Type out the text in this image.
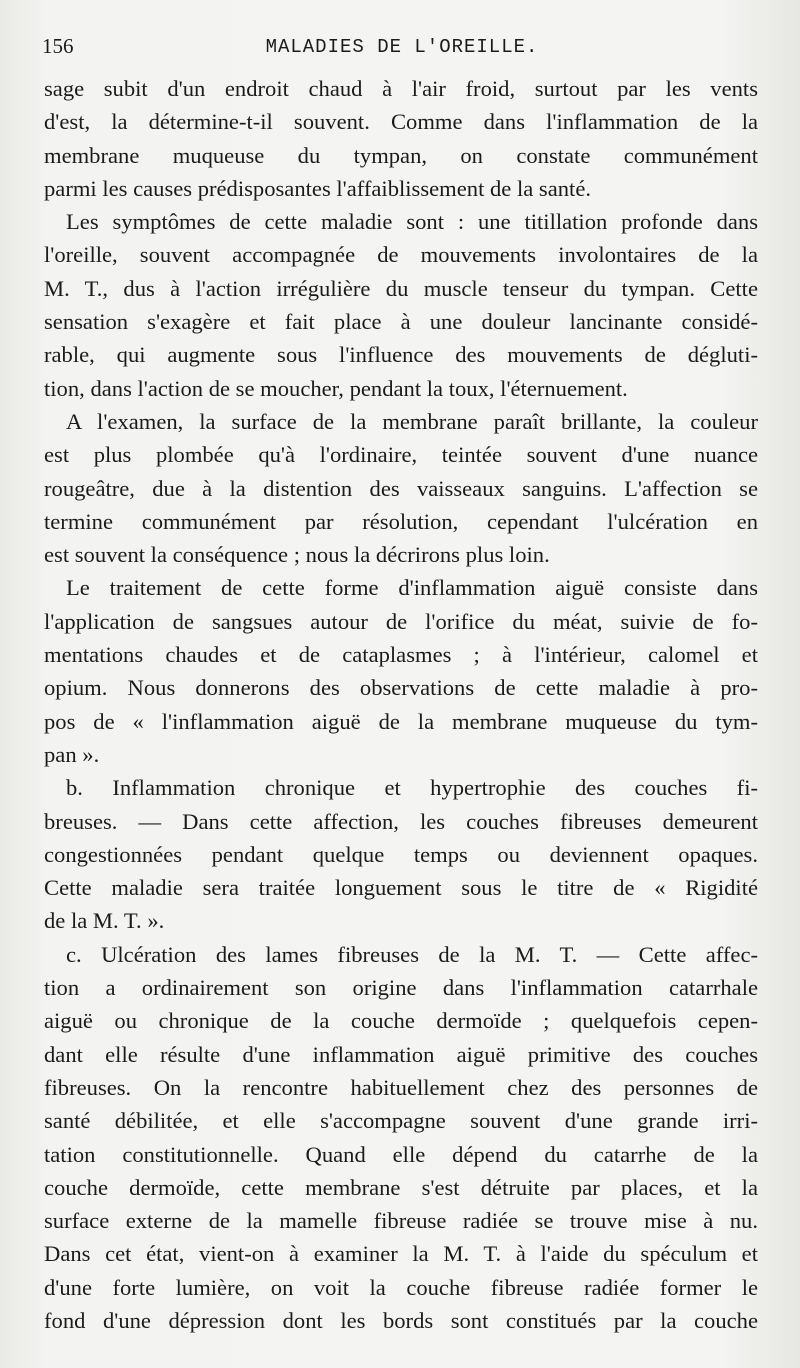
156	MALADIES DE L'OREILLE.
sage subit d'un endroit chaud à l'air froid, surtout par les vents
d'est, la détermine-t-il souvent. Comme dans l'inflammation de la
membrane muqueuse du tympan, on constate communément
parmi les causes prédisposantes l'affaiblissement de la santé.
Les symptômes de cette maladie sont : une titillation profonde dans
l'oreille, souvent accompagnée de mouvements involontaires de la
M. T., dus à l'action irrégulière du muscle tenseur du tympan. Cette
sensation s'exagère et fait place à une douleur lancinante considé-
rable, qui augmente sous l'influence des mouvements de dégluti-
tion, dans l'action de se moucher, pendant la toux, l'éternuement.
A l'examen, la surface de la membrane paraît brillante, la couleur
est plus plombée qu'à l'ordinaire, teintée souvent d'une nuance
rougeâtre, due à la distention des vaisseaux sanguins. L'affection se
termine communément par résolution, cependant l'ulcération en
est souvent la conséquence ; nous la décrirons plus loin.
Le traitement de cette forme d'inflammation aiguë consiste dans
l'application de sangsues autour de l'orifice du méat, suivie de fo-
mentations chaudes et de cataplasmes ; à l'intérieur, calomel et
opium. Nous donnerons des observations de cette maladie à pro-
pos de « l'inflammation aiguë de la membrane muqueuse du tym-
pan ».
b. Inflammation chronique et hypertrophie des couches fi-
breuses. — Dans cette affection, les couches fibreuses demeurent
congestionnées pendant quelque temps ou deviennent opaques.
Cette maladie sera traitée longuement sous le titre de « Rigidité
de la M. T. ».
c. Ulcération des lames fibreuses de la M. T. — Cette affec-
tion a ordinairement son origine dans l'inflammation catarrhale
aiguë ou chronique de la couche dermoïde ; quelquefois cepen-
dant elle résulte d'une inflammation aiguë primitive des couches
fibreuses. On la rencontre habituellement chez des personnes de
santé débilitée, et elle s'accompagne souvent d'une grande irri-
tation constitutionnelle. Quand elle dépend du catarrhe de la
couche dermoïde, cette membrane s'est détruite par places, et la
surface externe de la mamelle fibreuse radiée se trouve mise à nu.
Dans cet état, vient-on à examiner la M. T. à l'aide du spéculum et
d'une forte lumière, on voit la couche fibreuse radiée former le
fond d'une dépression dont les bords sont constitués par la couche
